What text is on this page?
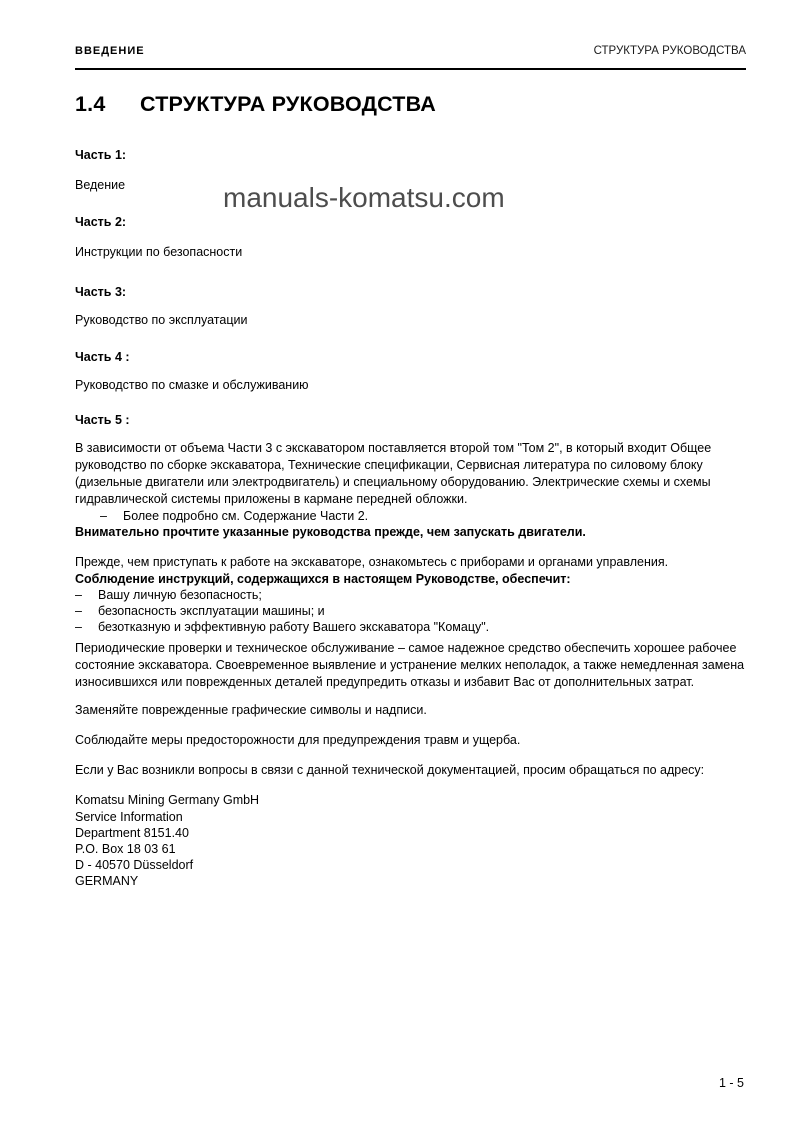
manuals-komatsu.com
ВВЕДЕНИЕ	СТРУКТУРА РУКОВОДСТВА
1.4	СТРУКТУРА РУКОВОДСТВА

Часть 1:

Ведение

Часть 2:

Инструкции по безопасности

Часть 3:

Руководство по эксплуатации

Часть 4 :

Руководство по смазке и обслуживанию

Часть 5 :

В зависимости от объема Части 3 с экскаватором поставляется второй том "Том 2", в который входит Общее руководство по сборке экскаватора, Технические спецификации, Сервисная литература по силовому блоку (дизельные двигатели или электродвигатель) и специальному оборудованию. Электрические схемы и схемы гидравлической системы приложены в кармане передней обложки.

–	Более подробно см. Содержание Части 2.

Внимательно прочтите указанные руководства прежде, чем запускать двигатели.

Прежде, чем приступать к работе на экскаваторе, ознакомьтесь с приборами и органами управления.

Соблюдение инструкций, содержащихся в настоящем Руководстве, обеспечит:

–	Вашу личную безопасность;
–	безопасность эксплуатации машины; и
–	безотказную и эффективную работу Вашего экскаватора "Комацу".

Периодические проверки и техническое обслуживание – самое надежное средство обеспечить хорошее рабочее состояние экскаватора. Своевременное выявление и устранение мелких неполадок, а также немедленная замена износившихся или поврежденных деталей предупредить отказы и избавит Вас от дополнительных затрат.

Заменяйте поврежденные графические символы и надписи.

Соблюдайте меры предосторожности для предупреждения травм и ущерба.

Если у Вас возникли вопросы в связи с данной технической документацией, просим обращаться по адресу:

Komatsu Mining Germany GmbH

Service Information
Department 8151.40
P.O. Box 18 03 61
D - 40570 Düsseldorf
GERMANY
1 - 5
